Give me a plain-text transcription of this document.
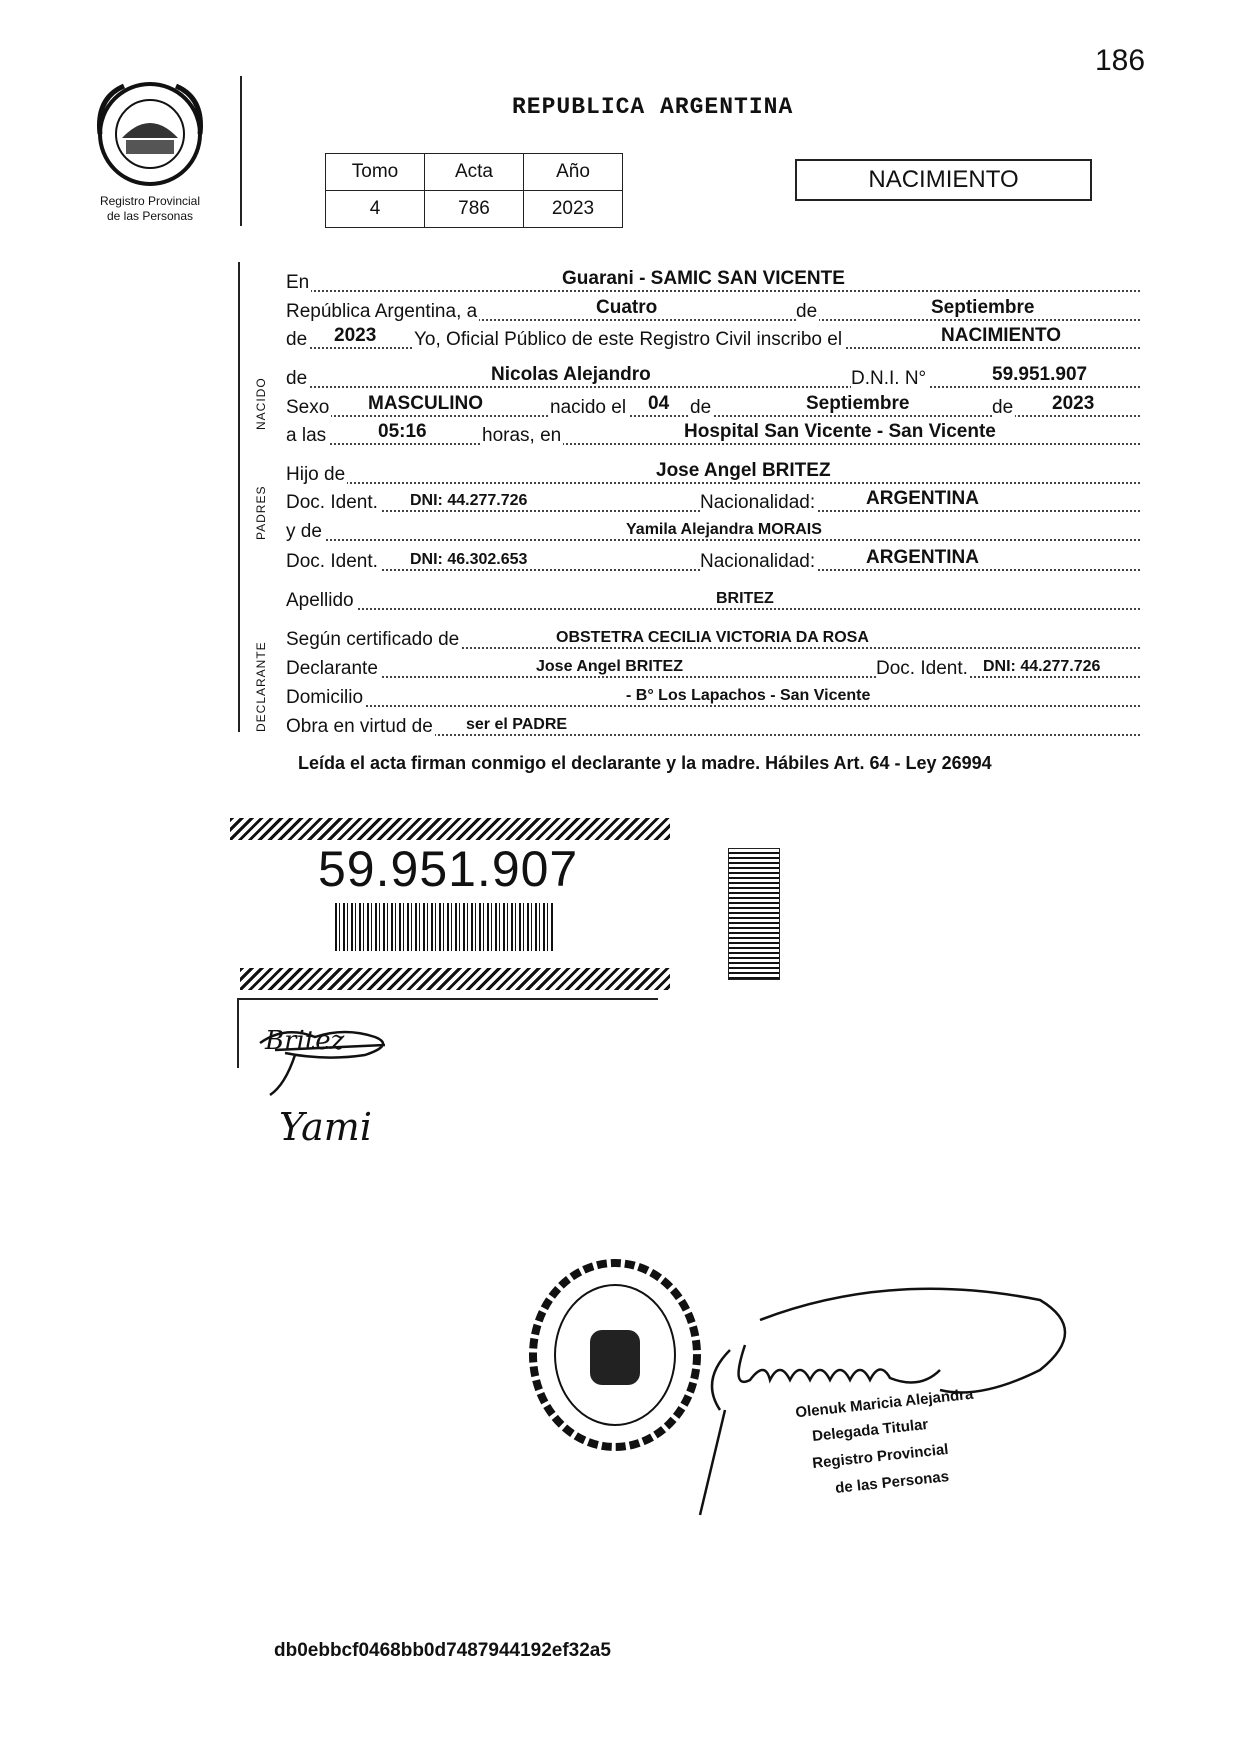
186
Registro Provincial
de las Personas
REPUBLICA ARGENTINA
Tomo	Acta	Año
4	786	2023
NACIMIENTO
NACIDO
PADRES
DECLARANTE
En	Guarani - SAMIC SAN VICENTE
República Argentina, a	Cuatro	de	Septiembre
de 2023 Yo, Oficial Público de este Registro Civil inscribo el	NACIMIENTO
de	Nicolas Alejandro	D.N.I. N°	59.951.907
Sexo MASCULINO	nacido el 04 de	Septiembre	de 2023
a las	05:16	horas, en	Hospital San Vicente - San Vicente
Hijo de	Jose Angel BRITEZ
Doc. Ident. DNI: 44.277.726	Nacionalidad:	ARGENTINA
y de	Yamila Alejandra MORAIS
Doc. Ident. DNI: 46.302.653	Nacionalidad:	ARGENTINA
Apellido	BRITEZ
Según certificado de	OBSTETRA CECILIA VICTORIA DA ROSA
Declarante	Jose Angel BRITEZ	Doc. Ident. DNI: 44.277.726
Domicilio	- B° Los Lapachos - San Vicente
Obra en virtud de ser el PADRE
Leída el acta firman conmigo el declarante y la madre. Hábiles Art. 64 - Ley 26994
59.951.907
Britez
Yami
Olenuk Maricia Alejandra
Delegada Titular
Registro Provincial
de las Personas
db0ebbcf0468bb0d7487944192ef32a5
